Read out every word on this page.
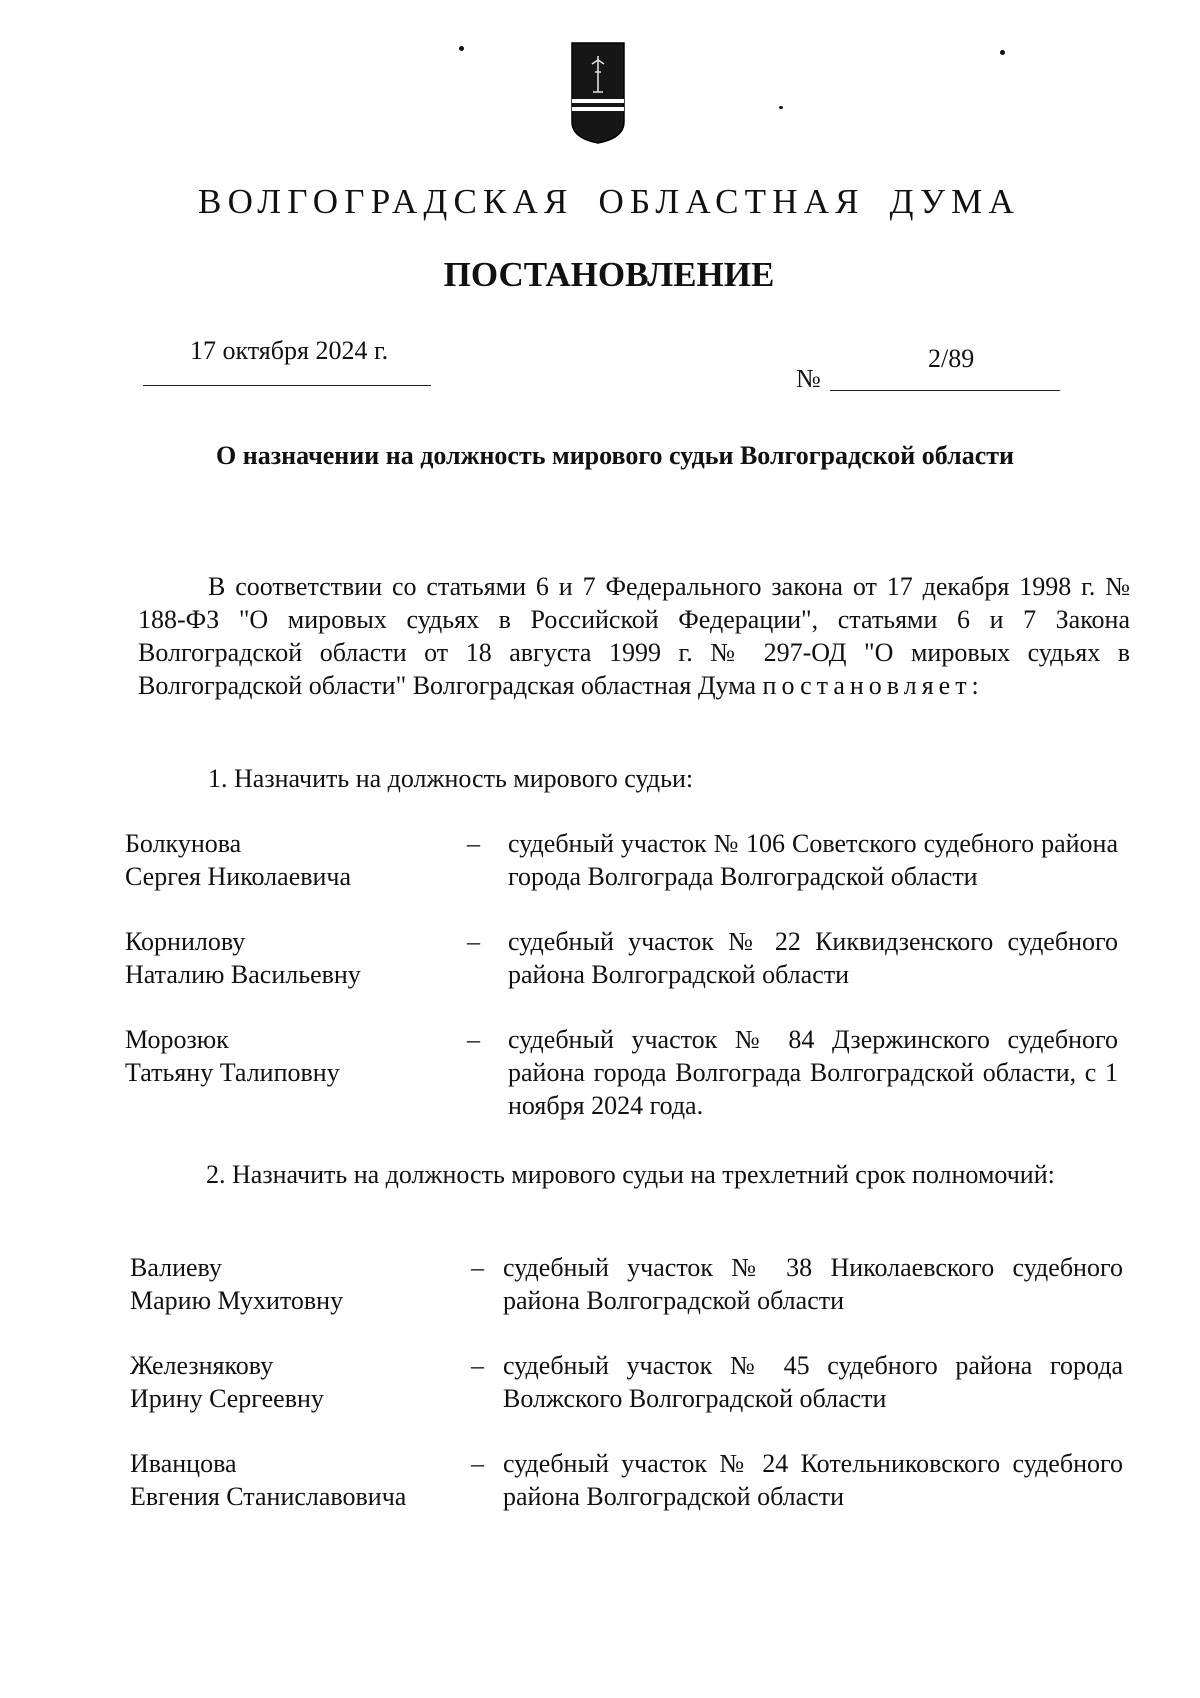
ВОЛГОГРАДСКАЯ ОБЛАСТНАЯ ДУМА
ПОСТАНОВЛЕНИЕ
17 октября 2024 г.	2/89
№
О назначении на должность мирового судьи Волгоградской области
В соответствии со статьями 6 и 7 Федерального закона от 17 декабря 1998 г. № 188-ФЗ "О мировых судьях в Российской Федерации", статьями 6 и 7 Закона Волгоградской области от 18 августа 1999 г. № 297-ОД "О мировых судьях в Волгоградской области" Волгоградская областная Дума постановляет:
1. Назначить на должность мирового судьи:
Болкунова
Сергея Николаевича
– судебный участок № 106 Советского судебного района города Волгограда Волгоградской области
Корнилову
Наталию Васильевну
– судебный участок № 22 Киквидзенского судебного района Волгоградской области
Морозюк
Татьяну Талиповну
– судебный участок № 84 Дзержинского судебного района города Волгограда Волгоградской области, с 1 ноября 2024 года.
2. Назначить на должность мирового судьи на трехлетний срок полномочий:
Валиеву
Марию Мухитовну
– судебный участок № 38 Николаевского судебного района Волгоградской области
Железнякову
Ирину Сергеевну
– судебный участок № 45 судебного района города Волжского Волгоградской области
Иванцова
Евгения Станиславовича
– судебный участок № 24 Котельниковского судебного района Волгоградской области
